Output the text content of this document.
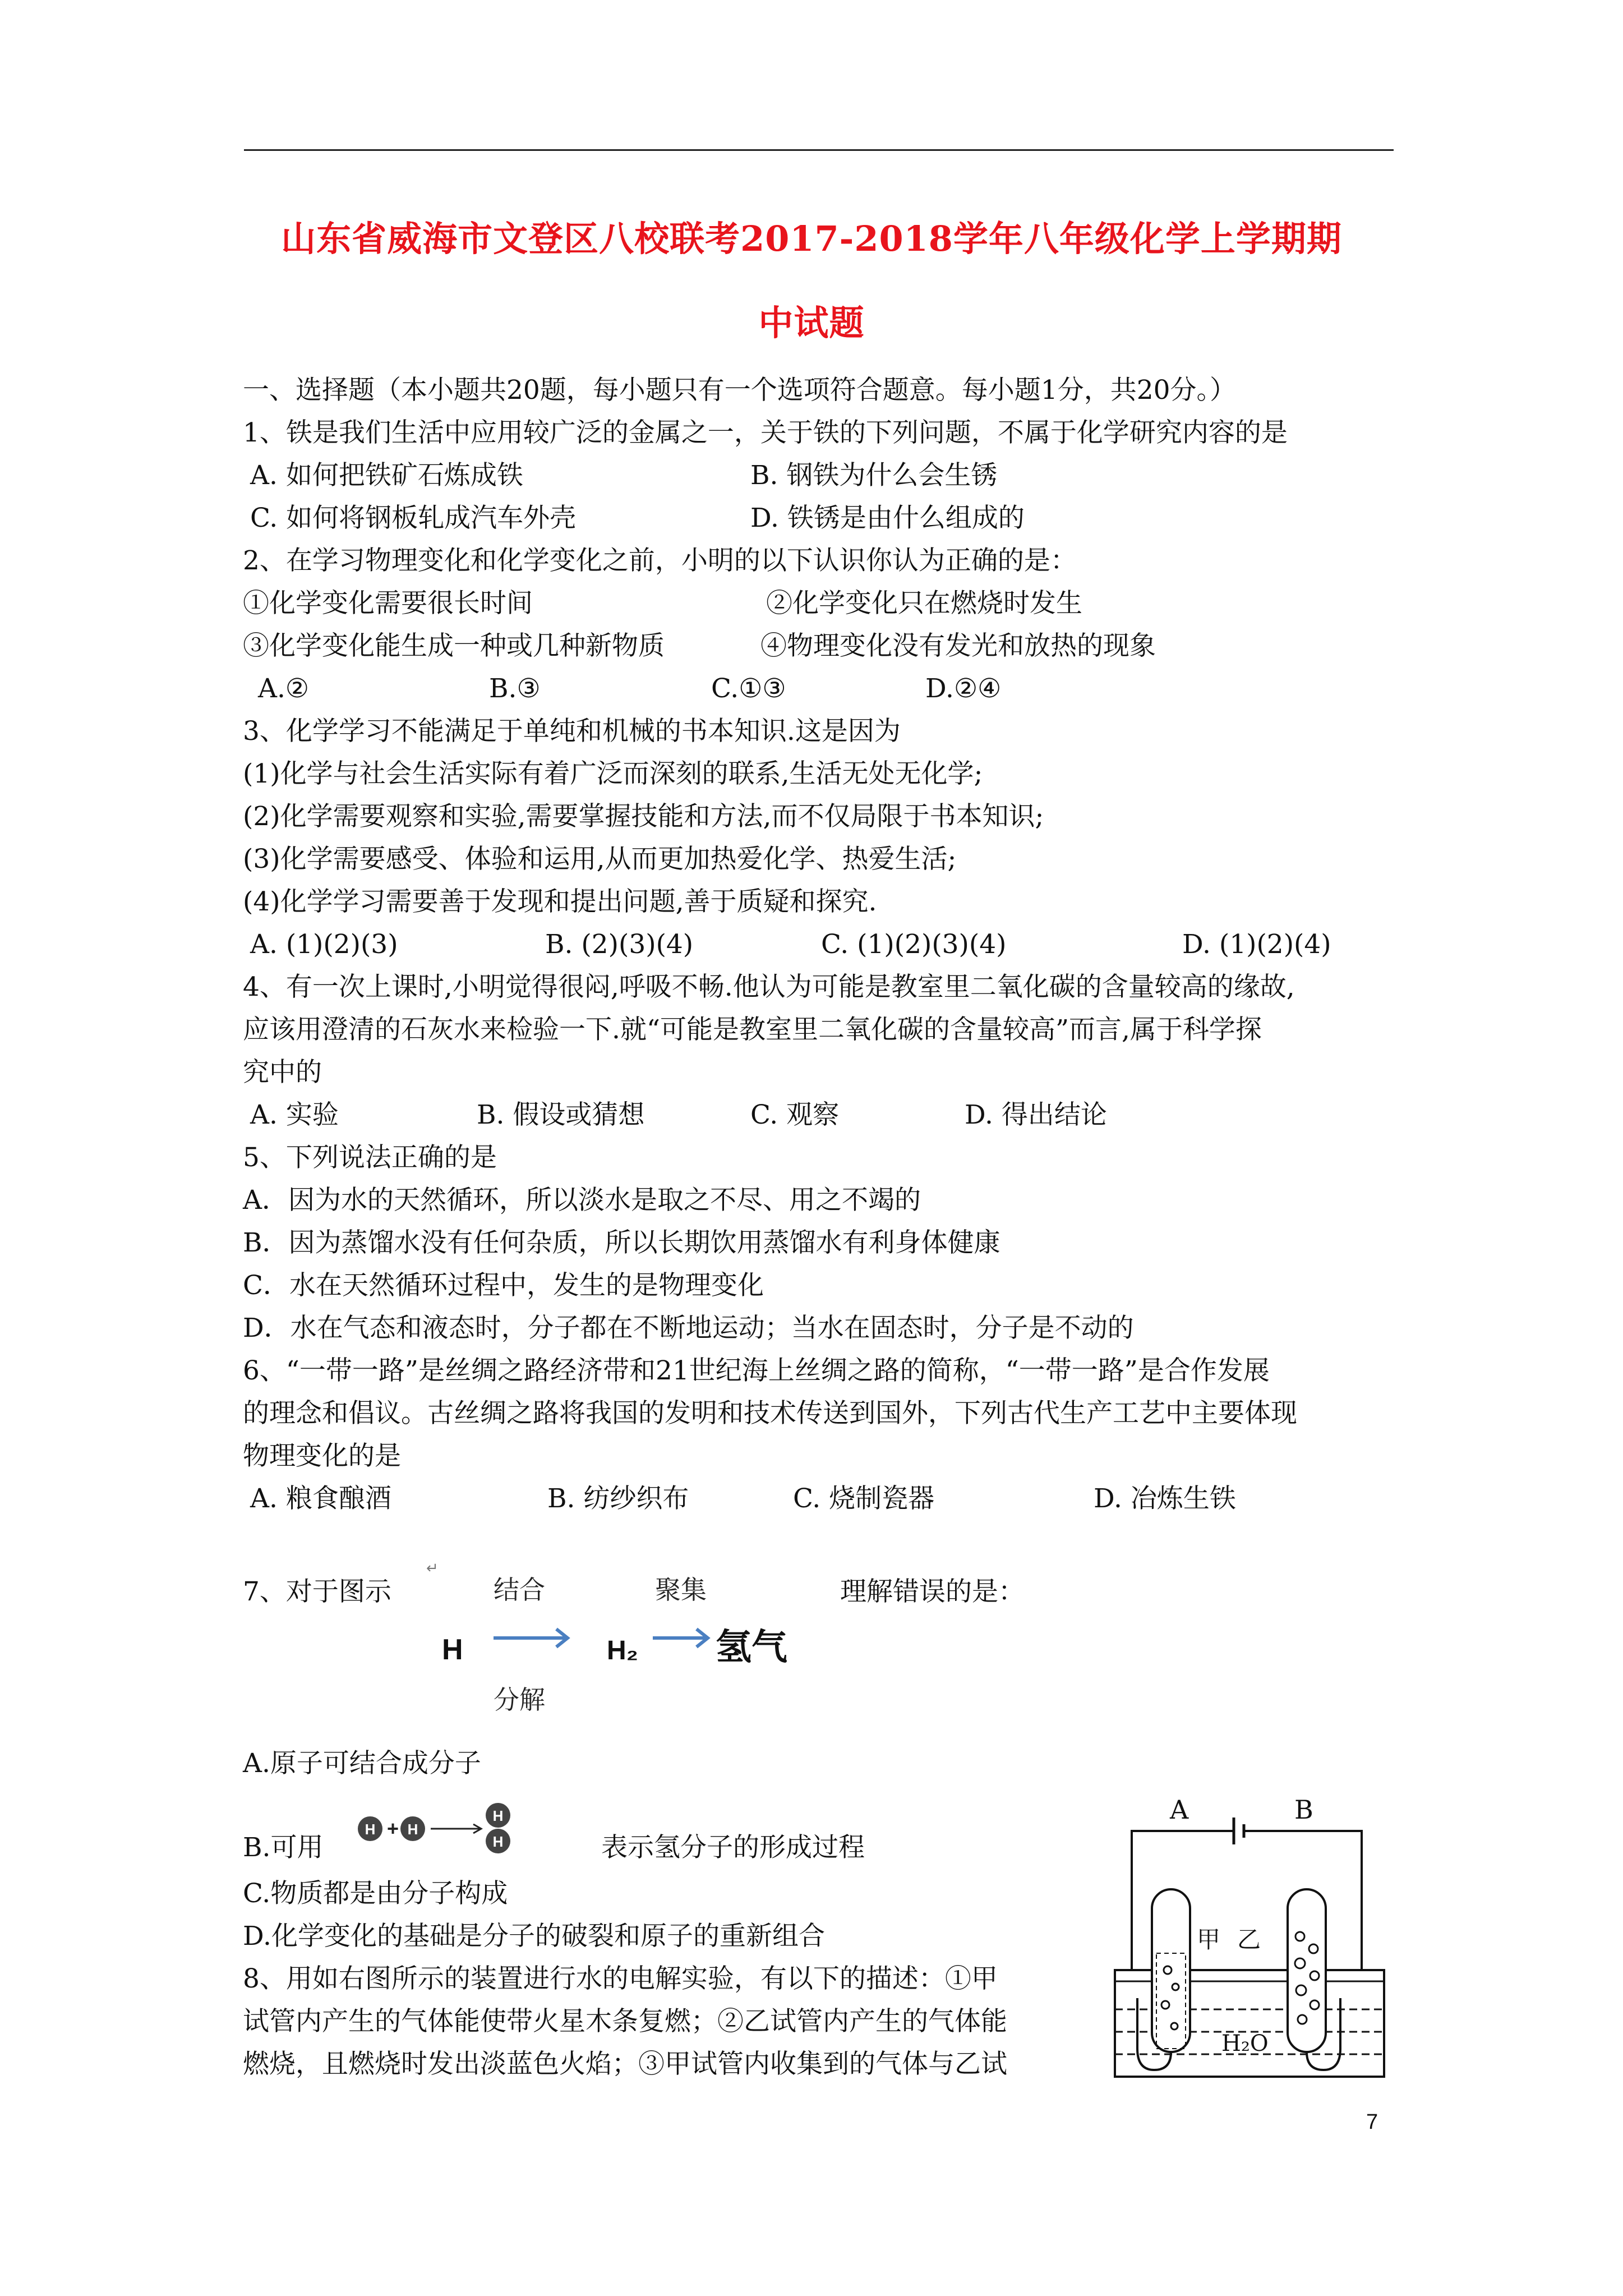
山东省威海市文登区八校联考2017-2018学年八年级化学上学期期
中试题
一、选择题（本小题共20题，每小题只有一个选项符合题意。每小题1分，共20分。）
1、铁是我们生活中应用较广泛的金属之一，关于铁的下列问题，不属于化学研究内容的是
A. 如何把铁矿石炼成铁	B. 钢铁为什么会生锈
C. 如何将钢板轧成汽车外壳	D. 铁锈是由什么组成的
2、在学习物理变化和化学变化之前，小明的以下认识你认为正确的是：
①化学变化需要很长时间	②化学变化只在燃烧时发生
③化学变化能生成一种或几种新物质	④物理变化没有发光和放热的现象
A.②	B.③	C.①③	D.②④
3、化学学习不能满足于单纯和机械的书本知识.这是因为
(1)化学与社会生活实际有着广泛而深刻的联系,生活无处无化学;
(2)化学需要观察和实验,需要掌握技能和方法,而不仅局限于书本知识;
(3)化学需要感受、体验和运用,从而更加热爱化学、热爱生活;
(4)化学学习需要善于发现和提出问题,善于质疑和探究.
A. (1)(2)(3)	B. (2)(3)(4)	C. (1)(2)(3)(4)	D. (1)(2)(4)
4、有一次上课时,小明觉得很闷,呼吸不畅.他认为可能是教室里二氧化碳的含量较高的缘故,
应该用澄清的石灰水来检验一下.就“可能是教室里二氧化碳的含量较高”而言,属于科学探
究中的
A. 实验	B. 假设或猜想	C. 观察	D. 得出结论
5、下列说法正确的是
A．因为水的天然循环，所以淡水是取之不尽、用之不竭的
B．因为蒸馏水没有任何杂质，所以长期饮用蒸馏水有利身体健康
C．水在天然循环过程中，发生的是物理变化
D．水在气态和液态时，分子都在不断地运动；当水在固态时，分子是不动的
6、“一带一路”是丝绸之路经济带和21世纪海上丝绸之路的简称，“一带一路”是合作发展
的理念和倡议。古丝绸之路将我国的发明和技术传送到国外，下列古代生产工艺中主要体现
物理变化的是
A. 粮食酿酒	B. 纺纱织布	C. 烧制瓷器	D. 冶炼生铁
7、对于图示	理解错误的是：
↵
结合	聚集
H	H₂ 氢气
分解
A.原子可结合成分子
B.可用
H + H
H
H	表示氢分子的形成过程
C.物质都是由分子构成
D.化学变化的基础是分子的破裂和原子的重新组合
8、用如右图所示的装置进行水的电解实验，有以下的描述：①甲
试管内产生的气体能使带火星木条复燃；②乙试管内产生的气体能
燃烧，且燃烧时发出淡蓝色火焰；③甲试管内收集到的气体与乙试
A	B
甲 乙
H₂O
7
